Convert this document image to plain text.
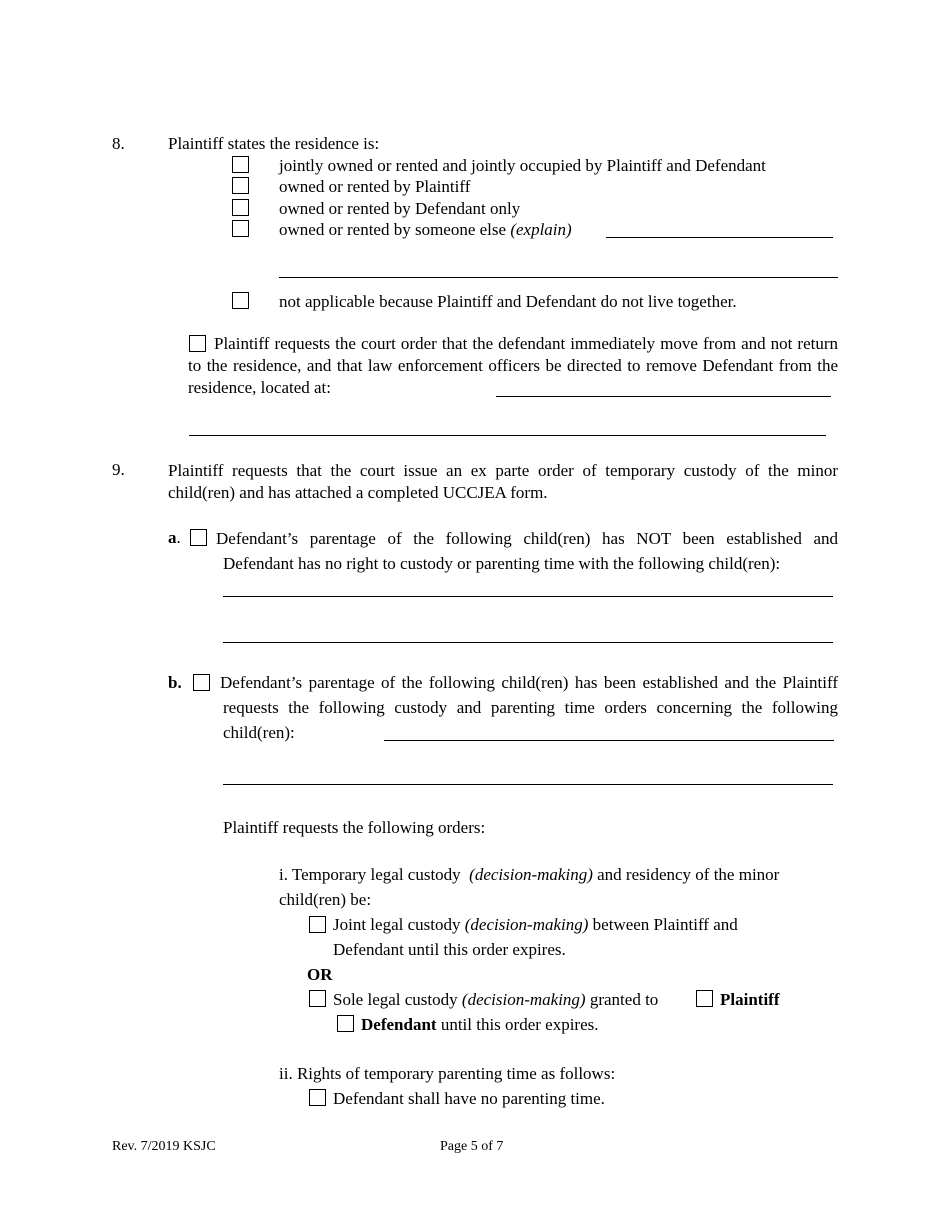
8.	Plaintiff states the residence is:
jointly owned or rented and jointly occupied by Plaintiff and Defendant
owned or rented by Plaintiff
owned or rented by Defendant only
owned or rented by someone else (explain)
not applicable because Plaintiff and Defendant do not live together.
Plaintiff requests the court order that the defendant immediately move from and not return to the residence, and that law enforcement officers be directed to remove Defendant from the residence, located at:
9.	Plaintiff requests that the court issue an ex parte order of temporary custody of the minor child(ren) and has attached a completed UCCJEA form.
a. Defendant’s parentage of the following child(ren) has NOT been established and Defendant has no right to custody or parenting time with the following child(ren):
b. Defendant’s parentage of the following child(ren) has been established and the Plaintiff requests the following custody and parenting time orders concerning the following child(ren):
Plaintiff requests the following orders:
i. Temporary legal custody (decision-making) and residency of the minor child(ren) be:
Joint legal custody (decision-making) between Plaintiff and Defendant until this order expires.
OR
Sole legal custody (decision-making) granted to	Plaintiff
Defendant until this order expires.
ii. Rights of temporary parenting time as follows:
Defendant shall have no parenting time.
Rev. 7/2019 KSJC	Page 5 of 7
